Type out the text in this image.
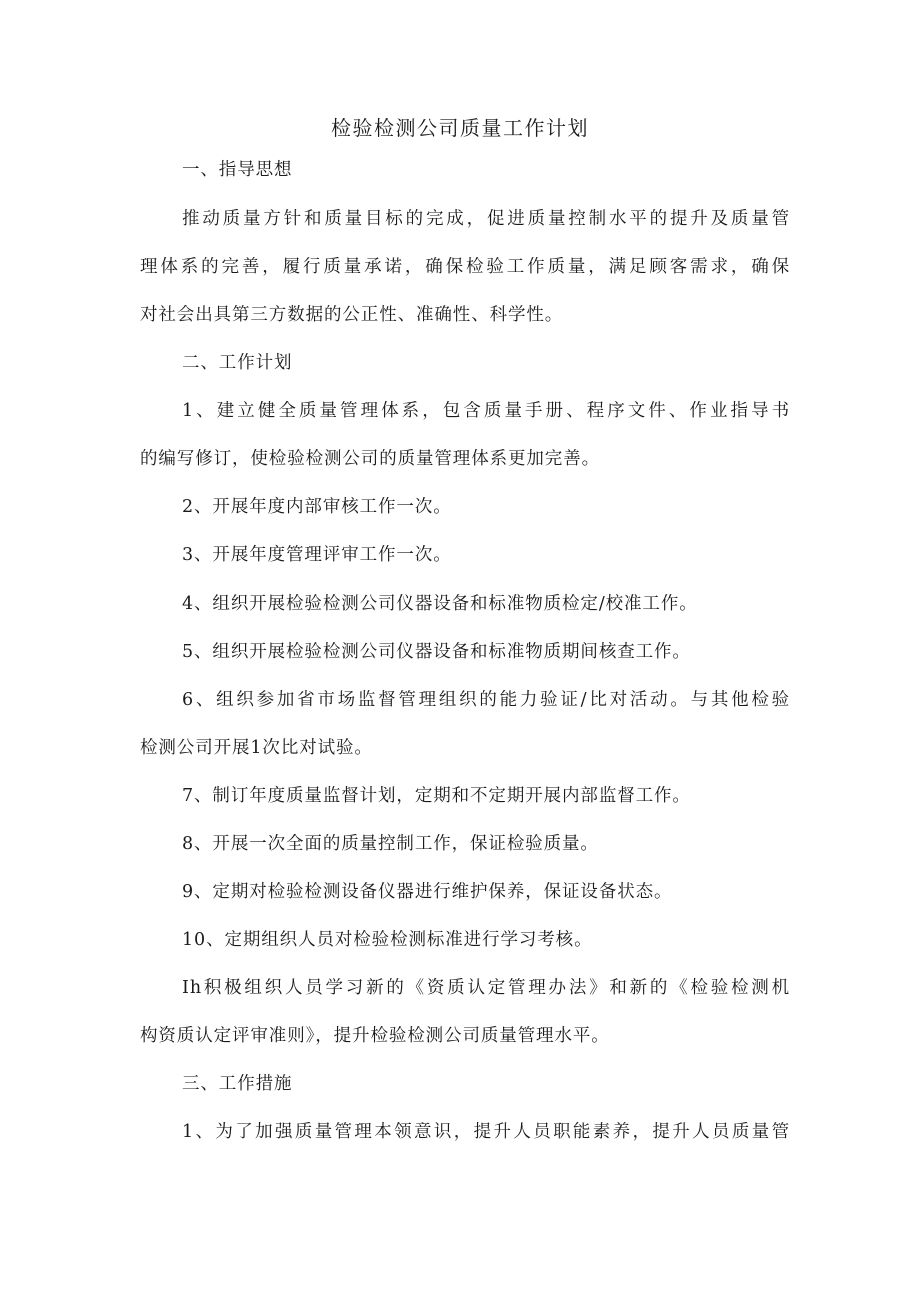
检验检测公司质量工作计划

一、指导思想

推动质量方针和质量目标的完成，促进质量控制水平的提升及质量管

理体系的完善，履行质量承诺，确保检验工作质量，满足顾客需求，确保

对社会出具第三方数据的公正性、准确性、科学性。

二、工作计划

1、建立健全质量管理体系，包含质量手册、程序文件、作业指导书

的编写修订，使检验检测公司的质量管理体系更加完善。

2、开展年度内部审核工作一次。

3、开展年度管理评审工作一次。

4、组织开展检验检测公司仪器设备和标准物质检定/校准工作。

5、组织开展检验检测公司仪器设备和标准物质期间核查工作。

6、组织参加省市场监督管理组织的能力验证/比对活动。与其他检验

检测公司开展1次比对试验。

7、制订年度质量监督计划，定期和不定期开展内部监督工作。

8、开展一次全面的质量控制工作，保证检验质量。

9、定期对检验检测设备仪器进行维护保养，保证设备状态。

10、定期组织人员对检验检测标准进行学习考核。

Ih积极组织人员学习新的《资质认定管理办法》和新的《检验检测机

构资质认定评审准则》，提升检验检测公司质量管理水平。

三、工作措施

1、为了加强质量管理本领意识，提升人员职能素养，提升人员质量管
